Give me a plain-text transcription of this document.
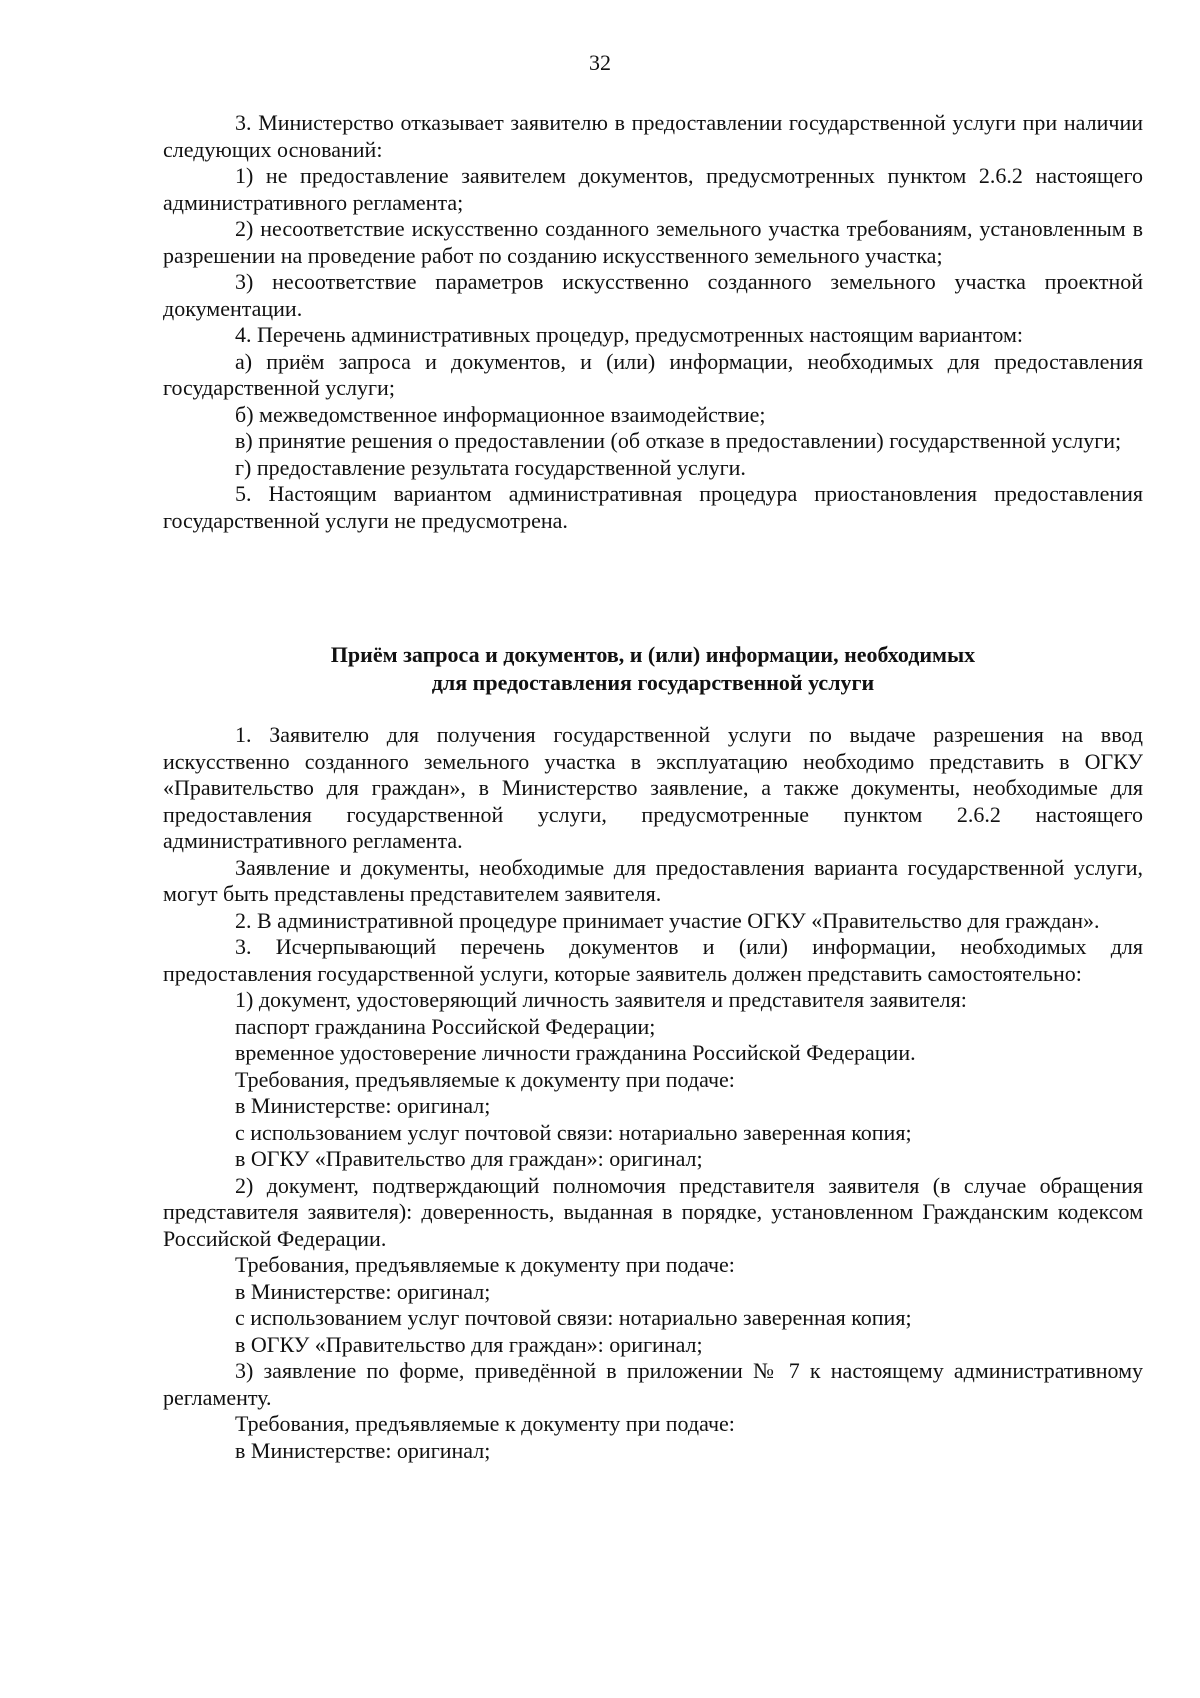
32

3. Министерство отказывает заявителю в предоставлении государственной услуги при наличии следующих оснований:

1) не предоставление заявителем документов, предусмотренных пунктом 2.6.2 настоящего административного регламента;

2) несоответствие искусственно созданного земельного участка требованиям, установленным в разрешении на проведение работ по созданию искусственного земельного участка;

3) несоответствие параметров искусственно созданного земельного участка проектной документации.

4. Перечень административных процедур, предусмотренных настоящим вариантом:

а) приём запроса и документов, и (или) информации, необходимых для предоставления государственной услуги;

б) межведомственное информационное взаимодействие;

в) принятие решения о предоставлении (об отказе в предоставлении) государственной услуги;

г) предоставление результата государственной услуги.

5. Настоящим вариантом административная процедура приостановления предоставления государственной услуги не предусмотрена.

Приём запроса и документов, и (или) информации, необходимых
для предоставления государственной услуги

1. Заявителю для получения государственной услуги по выдаче разрешения на ввод искусственно созданного земельного участка в эксплуатацию необходимо представить в ОГКУ «Правительство для граждан», в Министерство заявление, а также документы, необходимые для предоставления государственной услуги, предусмотренные пунктом 2.6.2 настоящего административного регламента.

Заявление и документы, необходимые для предоставления варианта государственной услуги, могут быть представлены представителем заявителя.

2. В административной процедуре принимает участие ОГКУ «Правительство для граждан».

3. Исчерпывающий перечень документов и (или) информации, необходимых для предоставления государственной услуги, которые заявитель должен представить самостоятельно:

1) документ, удостоверяющий личность заявителя и представителя заявителя:

паспорт гражданина Российской Федерации;

временное удостоверение личности гражданина Российской Федерации.

Требования, предъявляемые к документу при подаче:

в Министерстве: оригинал;

с использованием услуг почтовой связи: нотариально заверенная копия;

в ОГКУ «Правительство для граждан»: оригинал;

2) документ, подтверждающий полномочия представителя заявителя (в случае обращения представителя заявителя): доверенность, выданная в порядке, установленном Гражданским кодексом Российской Федерации.

Требования, предъявляемые к документу при подаче:

в Министерстве: оригинал;

с использованием услуг почтовой связи: нотариально заверенная копия;

в ОГКУ «Правительство для граждан»: оригинал;

3) заявление по форме, приведённой в приложении № 7 к настоящему административному регламенту.

Требования, предъявляемые к документу при подаче:

в Министерстве: оригинал;
